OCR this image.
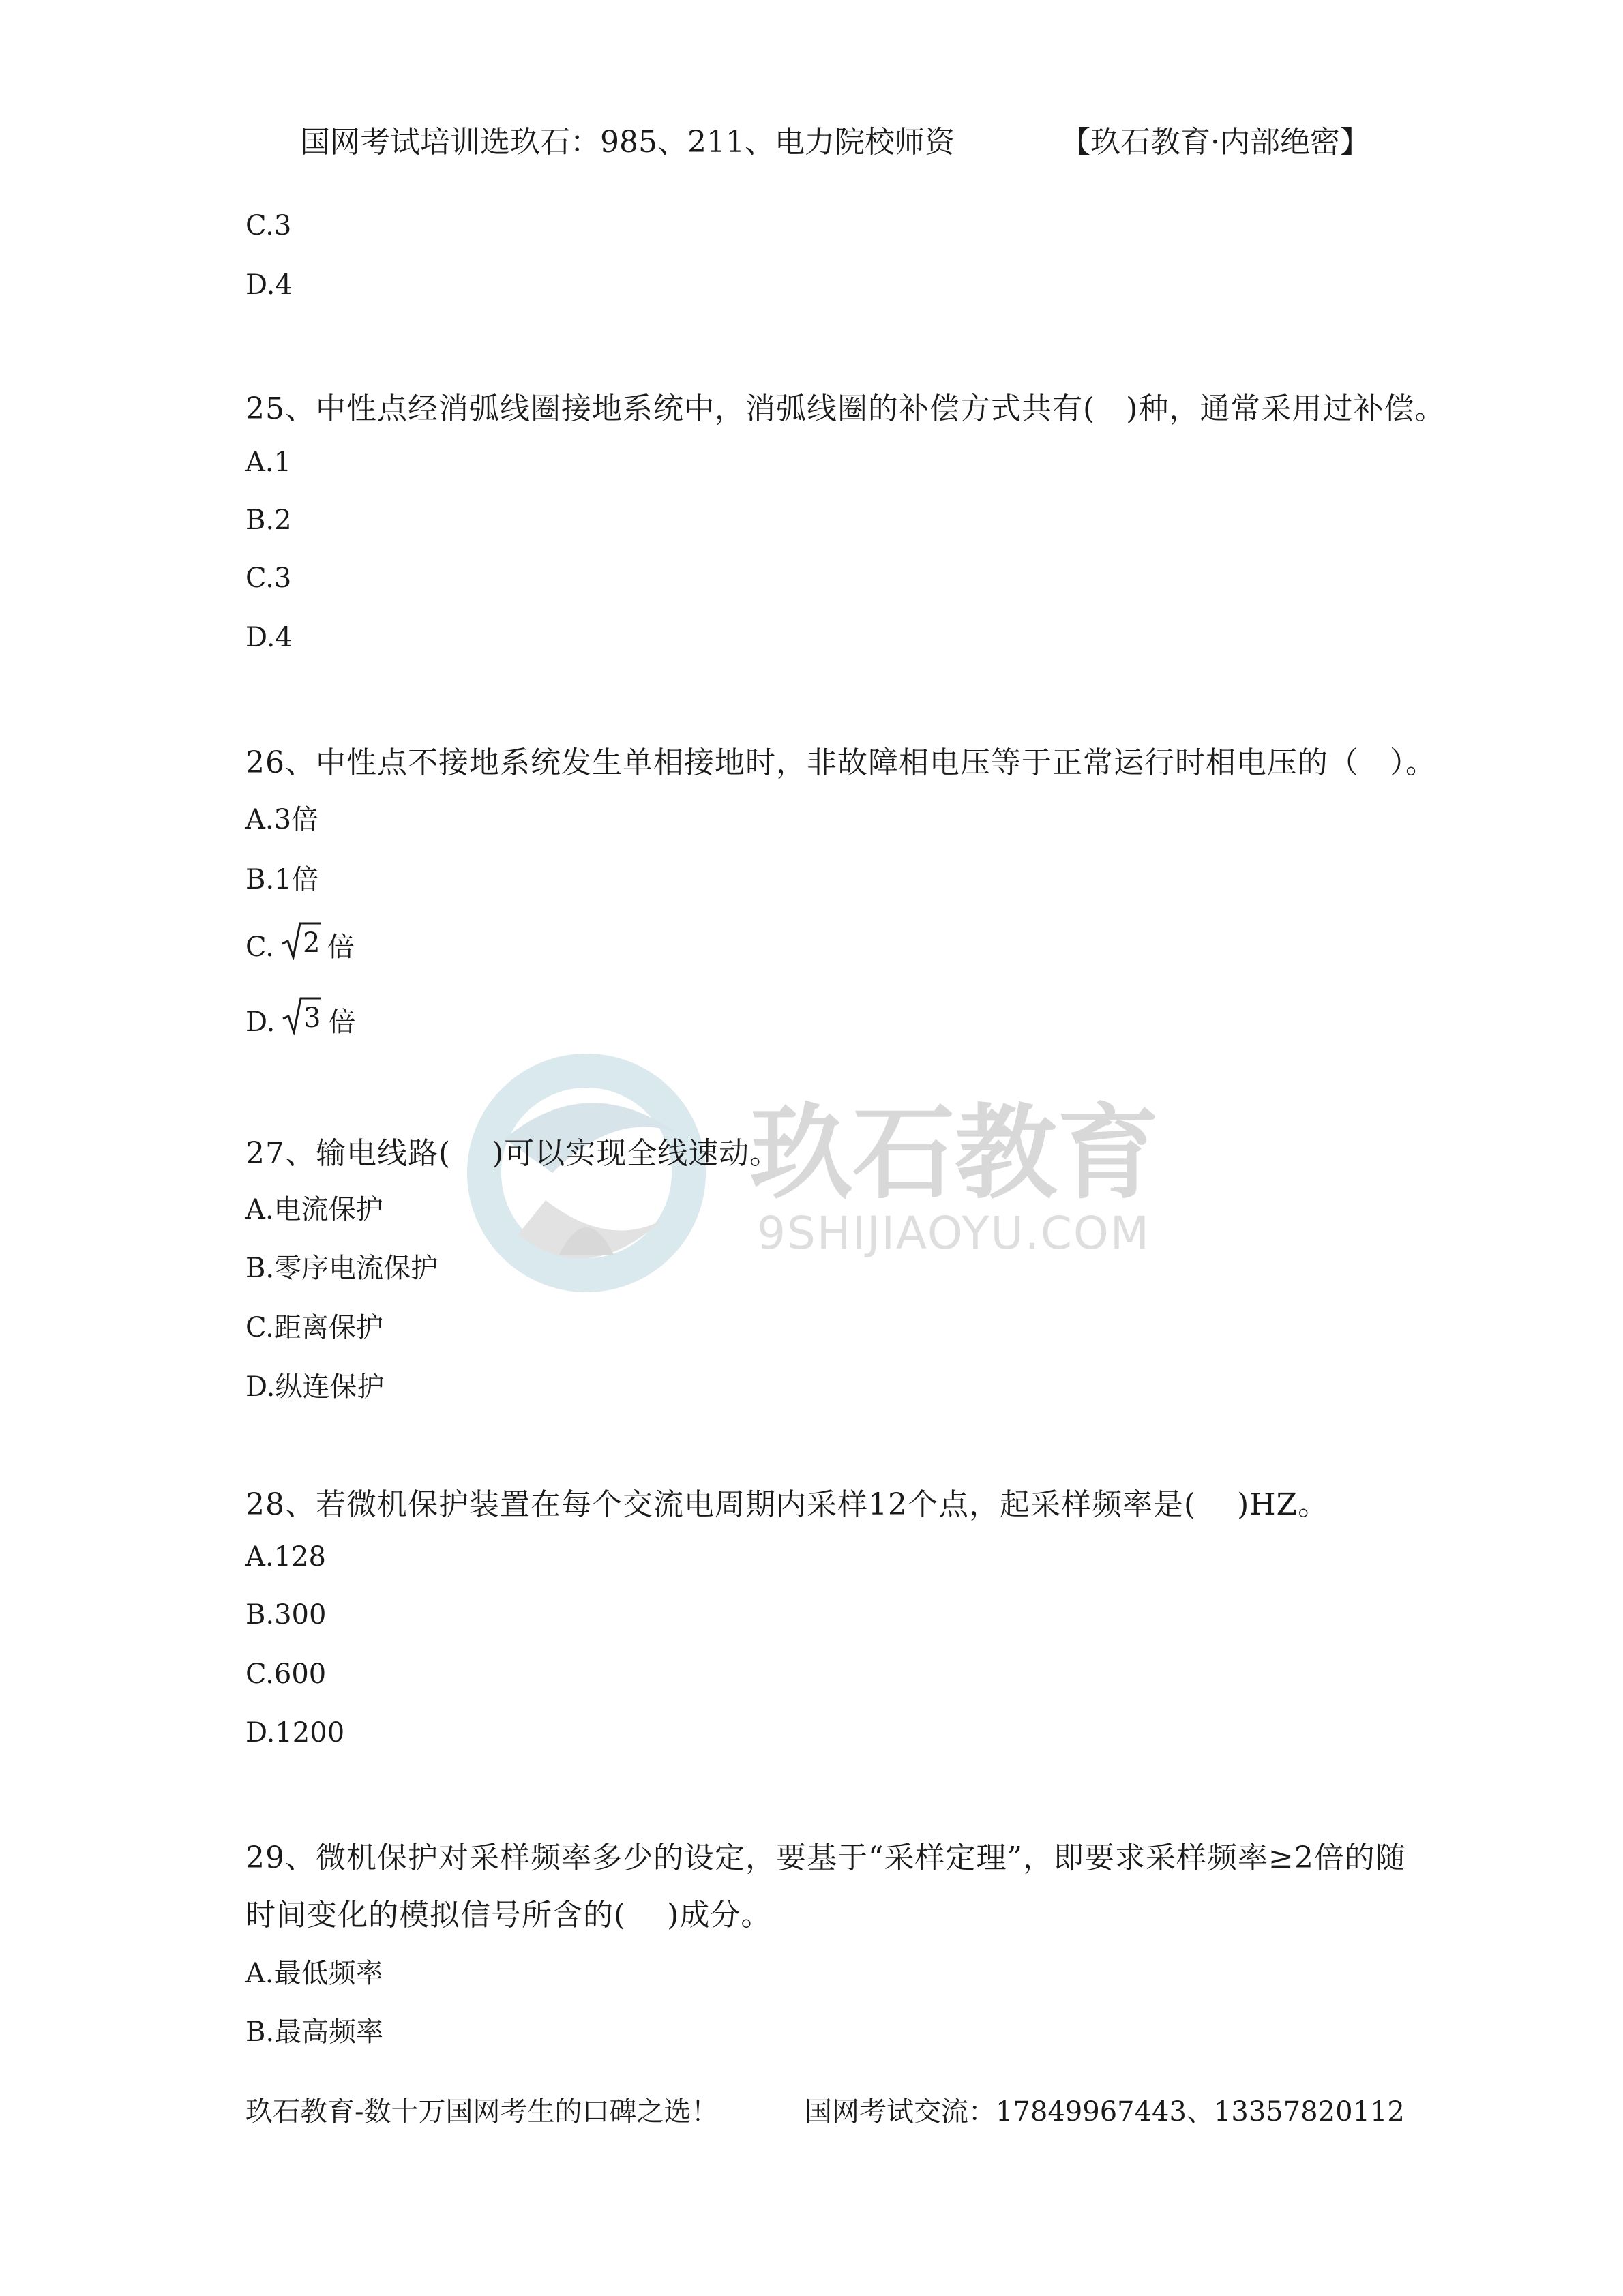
玖石教育
9SHIJIAOYU.COM
国网考试培训选玖石：985、211、电力院校师资	【玖石教育·内部绝密】
C.3
D.4
25、中性点经消弧线圈接地系统中，消弧线圈的补偿方式共有(　)种，通常采用过补偿。
A.1
B.2
C.3
D.4
26、中性点不接地系统发生单相接地时，非故障相电压等于正常运行时相电压的（　）。
A.3倍
B.1倍
C. 2 倍
D. 3 倍
27、输电线路(　 )可以实现全线速动。
A.电流保护
B.零序电流保护
C.距离保护
D.纵连保护
28、若微机保护装置在每个交流电周期内采样12个点，起采样频率是(　 )HZ。
A.128
B.300
C.600
D.1200
29、微机保护对采样频率多少的设定，要基于“采样定理”，即要求采样频率≥2倍的随
时间变化的模拟信号所含的(　 )成分。
A.最低频率
B.最高频率
玖石教育-数十万国网考生的口碑之选！	国网考试交流：17849967443、13357820112
